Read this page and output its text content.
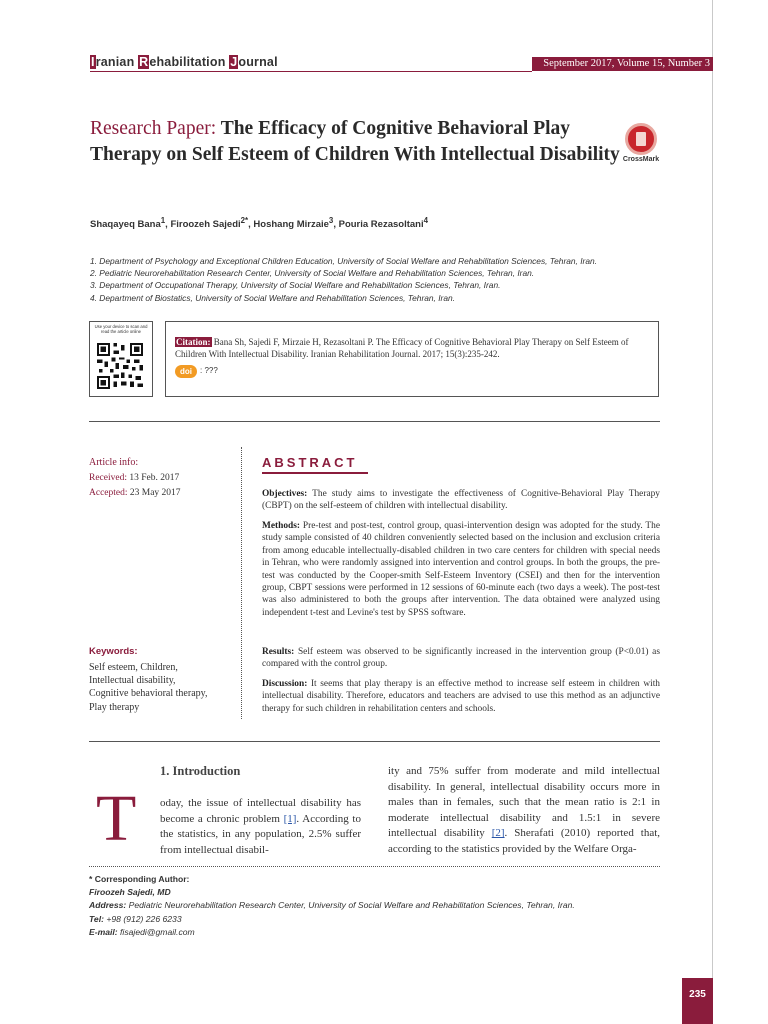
Iranian Rehabilitation Journal	September 2017, Volume 15, Number 3
Research Paper: The Efficacy of Cognitive Behavioral Play Therapy on Self Esteem of Children With Intellectual Disability CrossMark
Shaqayeq Bana$^1$, Firoozeh Sajedi$^{2*}$, Hoshang Mirzaie$^3$, Pouria Rezasoltani$^4$
1. Department of Psychology and Exceptional Children Education, University of Social Welfare and Rehabilitation Sciences, Tehran, Iran.
2. Pediatric Neurorehabilitation Research Center, University of Social Welfare and Rehabilitation Sciences, Tehran, Iran.
3. Department of Occupational Therapy, University of Social Welfare and Rehabilitation Sciences, Tehran, Iran.
4. Department of Biostatics, University of Social Welfare and Rehabilitation Sciences, Tehran, Iran.
Use your device to scan and read the article online
Citation: Bana Sh, Sajedi F, Mirzaie H, Rezasoltani P. The Efficacy of Cognitive Behavioral Play Therapy on Self Esteem of Children With Intellectual Disability. Iranian Rehabilitation Journal. 2017; 15(3):235-242.
doi	: ???
Article info:
Received: 13 Feb. 2017
Accepted: 23 May 2017
Keywords:
Self esteem, Children,
Intellectual disability,
Cognitive behavioral therapy,
Play therapy
ABSTRACT
Objectives: The study aims to investigate the effectiveness of Cognitive-Behavioral Play Therapy (CBPT) on the self-esteem of children with intellectual disability.
Methods: Pre-test and post-test, control group, quasi-intervention design was adopted for the study. The study sample consisted of 40 children conveniently selected based on the inclusion and exclusion criteria from among educable intellectually-disabled children in two care centers for children with special needs in Tehran, who were randomly assigned into intervention and control groups. In both the groups, the pre-test was conducted by the Cooper-smith Self-Esteem Inventory (CSEI) and then for the intervention group, CBPT sessions were performed in 12 sessions of 60-minute each (two days a week). The post-test was also administered to both the groups after intervention. The data obtained were analyzed using independent t-test and Levine's test by SPSS software.
Results: Self esteem was observed to be significantly increased in the intervention group (P<0.01) as compared with the control group.
Discussion: It seems that play therapy is an effective method to increase self esteem in children with intellectual disability. Therefore, educators and teachers are advised to use this method as an adjunctive therapy for such children in rehabilitation centers and schools.
1. Introduction
T oday, the issue of intellectual disability has become a chronic problem [1]. According to the statistics, in any population, 2.5% suffer from intellectual disabil-
ity and 75% suffer from moderate and mild intellectual disability. In general, intellectual disability occurs more in males than in females, such that the mean ratio is 2:1 in moderate intellectual disability and 1.5:1 in severe intellectual disability [2]. Sherafati (2010) reported that, according to the statistics provided by the Welfare Orga-
* Corresponding Author:
Firoozeh Sajedi, MD
Address: Pediatric Neurorehabilitation Research Center, University of Social Welfare and Rehabilitation Sciences, Tehran, Iran.
Tel: +98 (912) 226 6233
E-mail: fisajedi@gmail.com
235
